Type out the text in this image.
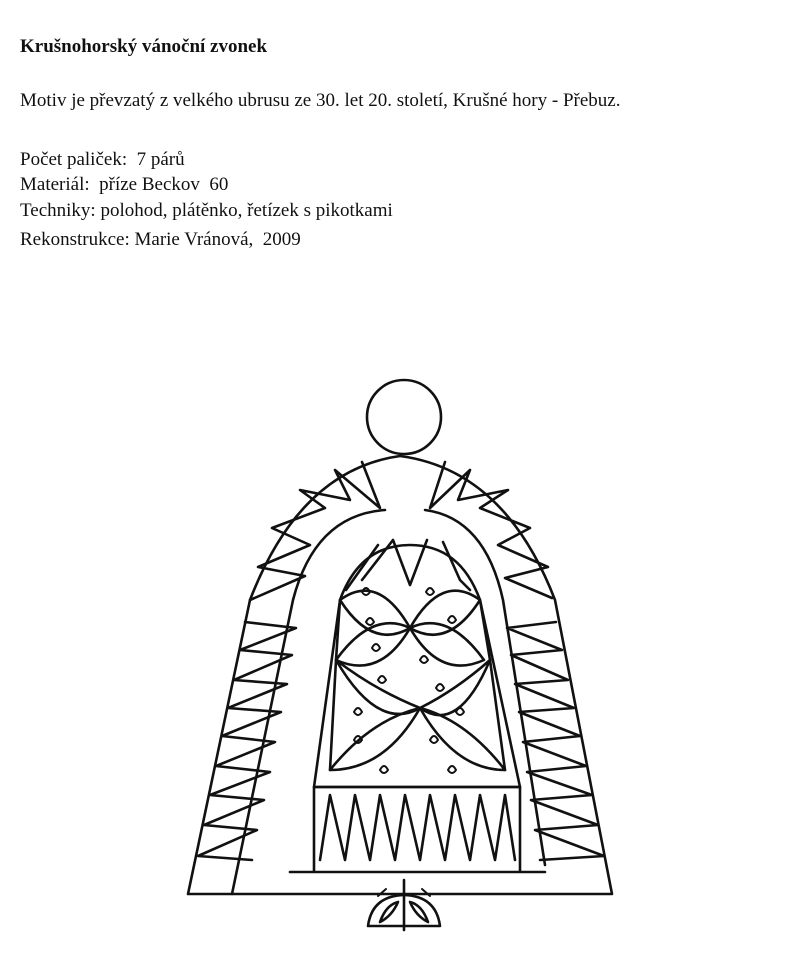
Krušnohorský vánoční zvonek
Motiv je převzatý z velkého ubrusu ze 30. let 20. století, Krušné hory - Přebuz.
Počet paliček:  7 párů
Materiál:  příze Beckov  60
Techniky: polohod, plátěnko, řetízek s pikotkami
Rekonstrukce: Marie Vránová,  2009
